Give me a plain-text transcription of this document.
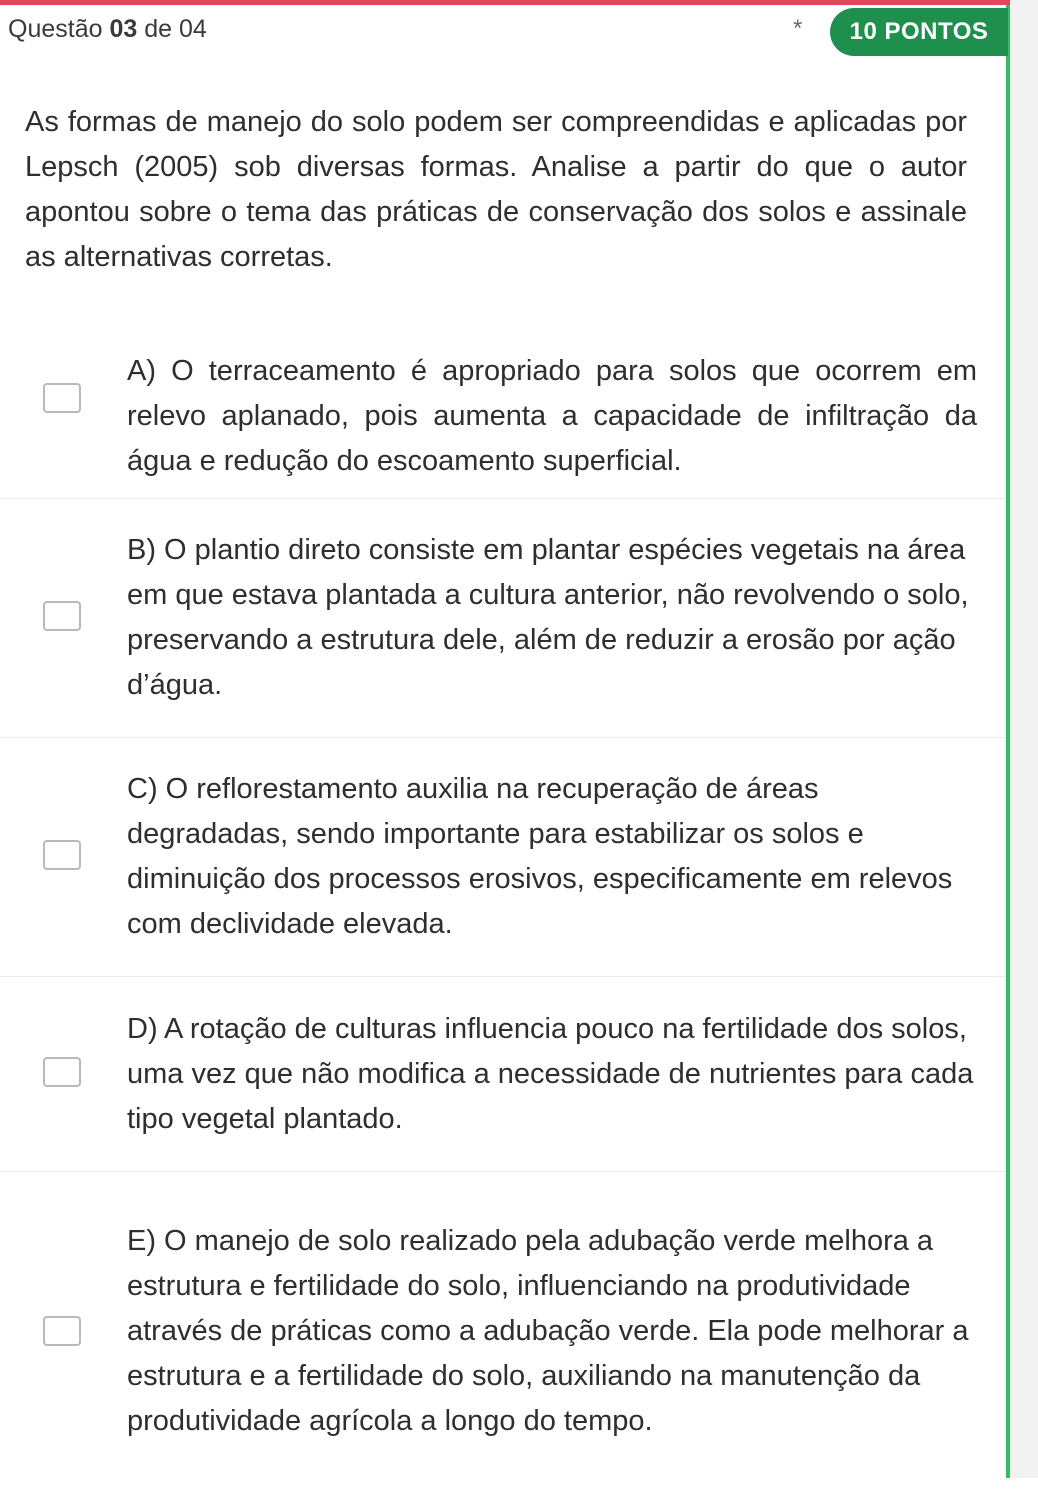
Questão 03 de 04	*	10 PONTOS
As formas de manejo do solo podem ser compreendidas e aplicadas por Lepsch (2005) sob diversas formas. Analise a partir do que o autor apontou sobre o tema das práticas de conservação dos solos e assinale as alternativas corretas.
A) O terraceamento é apropriado para solos que ocorrem em relevo aplanado, pois aumenta a capacidade de infiltração da água e redução do escoamento superficial.
B) O plantio direto consiste em plantar espécies vegetais na área em que estava plantada a cultura anterior, não revolvendo o solo, preservando a estrutura dele, além de reduzir a erosão por ação d’água.
C) O reflorestamento auxilia na recuperação de áreas degradadas, sendo importante para estabilizar os solos e diminuição dos processos erosivos, especificamente em relevos com declividade elevada.
D) A rotação de culturas influencia pouco na fertilidade dos solos, uma vez que não modifica a necessidade de nutrientes para cada tipo vegetal plantado.
E) O manejo de solo realizado pela adubação verde melhora a estrutura e fertilidade do solo, influenciando na produtividade através de práticas como a adubação verde. Ela pode melhorar a estrutura e a fertilidade do solo, auxiliando na manutenção da produtividade agrícola a longo do tempo.
